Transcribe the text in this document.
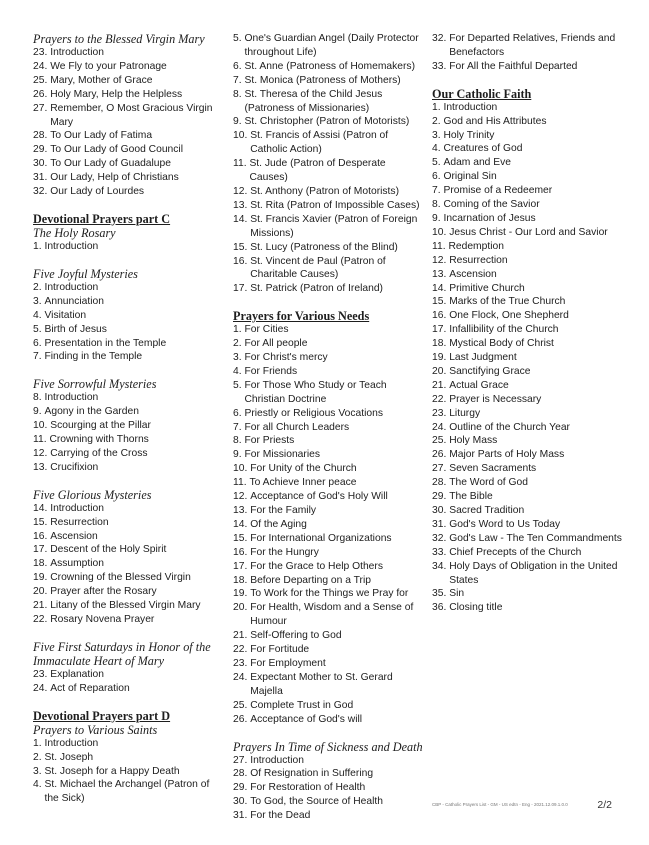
Prayers to the Blessed Virgin Mary
23.
Introduction
24.
We Fly to your Patronage
25.
Mary, Mother of Grace
26.
Holy Mary, Help the Helpless
27.
Remember, O Most Gracious Virgin Mary
28.
To Our Lady of Fatima
29.
To Our Lady of Good Council
30.
To Our Lady of Guadalupe
31.
Our Lady, Help of Christians
32.
Our Lady of Lourdes
Devotional Prayers part C
The Holy Rosary
1.
Introduction
Five Joyful Mysteries
2.
Introduction
3.
Annunciation
4.
Visitation
5.
Birth of Jesus
6.
Presentation in the Temple
7.
Finding in the Temple
Five Sorrowful Mysteries
8.
Introduction
9.
Agony in the Garden
10.
Scourging at the Pillar
11.
Crowning with Thorns
12.
Carrying of the Cross
13.
Crucifixion
Five Glorious Mysteries
14.
Introduction
15.
Resurrection
16.
Ascension
17.
Descent of the Holy Spirit
18.
Assumption
19.
Crowning of the Blessed Virgin
20.
Prayer after the Rosary
21.
Litany of the Blessed Virgin Mary
22.
Rosary Novena Prayer
Five First Saturdays in Honor of the Immaculate Heart of Mary
23.
Explanation
24.
Act of Reparation
Devotional Prayers part D
Prayers to Various Saints
1.
Introduction
2.
St. Joseph
3.
St. Joseph for a Happy Death
4.
St. Michael the Archangel (Patron of the Sick)
5.
One's Guardian Angel (Daily Protector throughout Life)
6.
St. Anne (Patroness of Homemakers)
7.
St. Monica (Patroness of Mothers)
8.
St. Theresa of the Child Jesus (Patroness of Missionaries)
9.
St. Christopher (Patron of Motorists)
10.
St. Francis of Assisi (Patron of Catholic Action)
11.
St. Jude (Patron of Desperate Causes)
12.
St. Anthony (Patron of Motorists)
13.
St. Rita (Patron of Impossible Cases)
14.
St. Francis Xavier (Patron of Foreign Missions)
15.
St. Lucy (Patroness of the Blind)
16.
St. Vincent de Paul (Patron of Charitable Causes)
17.
St. Patrick (Patron of Ireland)
Prayers for Various Needs
1.
For Cities
2.
For All people
3.
For Christ's mercy
4.
For Friends
5.
For Those Who Study or Teach Christian Doctrine
6.
Priestly or Religious Vocations
7.
For all Church Leaders
8.
For Priests
9.
For Missionaries
10.
For Unity of the Church
11.
To Achieve Inner peace
12.
Acceptance of God's Holy Will
13.
For the Family
14.
Of the Aging
15.
For International Organizations
16.
For the Hungry
17.
For the Grace to Help Others
18.
Before Departing on a Trip
19.
To Work for the Things we Pray for
20.
For Health, Wisdom and a Sense of Humour
21.
Self-Offering to God
22.
For Fortitude
23.
For Employment
24.
Expectant Mother to St. Gerard Majella
25.
Complete Trust in God
26.
Acceptance of God's will
Prayers In Time of Sickness and Death
27.
Introduction
28.
Of Resignation in Suffering
29.
For Restoration of Health
30.
To God, the Source of Health
31.
For the Dead
32.
For Departed Relatives, Friends and Benefactors
33.
For All the Faithful Departed
Our Catholic Faith
1.
Introduction
2.
God and His Attributes
3.
Holy Trinity
4.
Creatures of God
5.
Adam and Eve
6.
Original Sin
7.
Promise of a Redeemer
8.
Coming of the Savior
9.
Incarnation of Jesus
10.
Jesus Christ - Our Lord and Savior
11.
Redemption
12.
Resurrection
13.
Ascension
14.
Primitive Church
15.
Marks of the True Church
16.
One Flock, One Shepherd
17.
Infallibility of the Church
18.
Mystical Body of Christ
19.
Last Judgment
20.
Sanctifying Grace
21.
Actual Grace
22.
Prayer is Necessary
23.
Liturgy
24.
Outline of the Church Year
25.
Holy Mass
26.
Major Parts of Holy Mass
27.
Seven Sacraments
28.
The Word of God
29.
The Bible
30.
Sacred Tradition
31.
God's Word to Us Today
32.
God's Law - The Ten Commandments
33.
Chief Precepts of the Church
34.
Holy Days of Obligation in the United States
35.
Sin
36.
Closing title
CBP - Catholic Prayers List - GM - US edtn - Eng - 2021.12.09.1.0.0	2/2
